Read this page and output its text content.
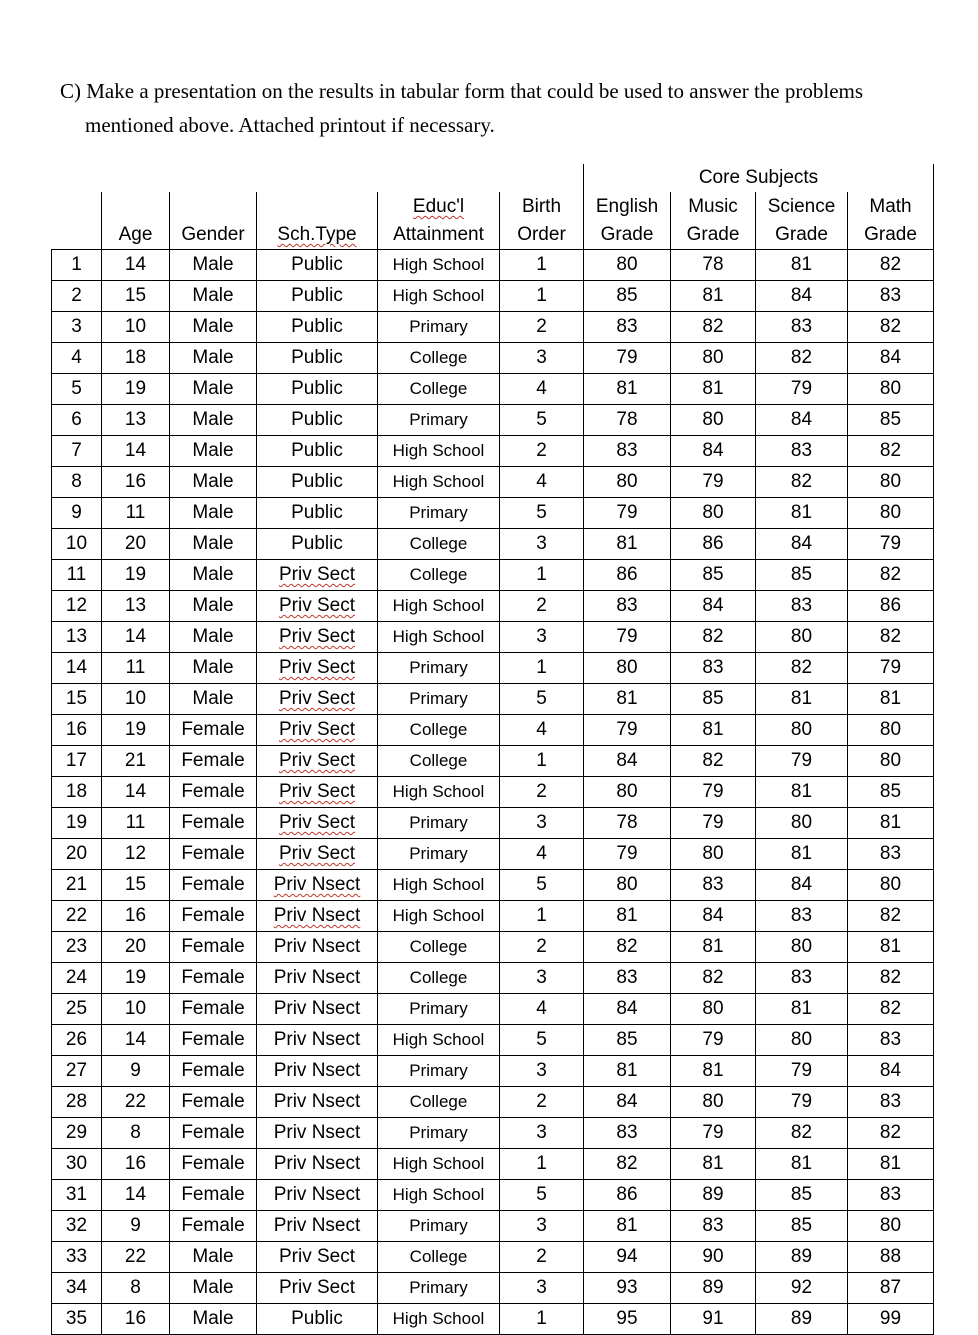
C) Make a presentation on the results in tabular form that could be used to answer the problems
mentioned above. Attached printout if necessary.
						Core Subjects			
				Educ'l	Birth	English	Music	Science	Math
	Age	Gender	Sch.Type	Attainment	Order	Grade	Grade	Grade	Grade
1	14	Male	Public	High School	1	80	78	81	82
2	15	Male	Public	High School	1	85	81	84	83
3	10	Male	Public	Primary	2	83	82	83	82
4	18	Male	Public	College	3	79	80	82	84
5	19	Male	Public	College	4	81	81	79	80
6	13	Male	Public	Primary	5	78	80	84	85
7	14	Male	Public	High School	2	83	84	83	82
8	16	Male	Public	High School	4	80	79	82	80
9	11	Male	Public	Primary	5	79	80	81	80
10	20	Male	Public	College	3	81	86	84	79
11	19	Male	Priv Sect	College	1	86	85	85	82
12	13	Male	Priv Sect	High School	2	83	84	83	86
13	14	Male	Priv Sect	High School	3	79	82	80	82
14	11	Male	Priv Sect	Primary	1	80	83	82	79
15	10	Male	Priv Sect	Primary	5	81	85	81	81
16	19	Female	Priv Sect	College	4	79	81	80	80
17	21	Female	Priv Sect	College	1	84	82	79	80
18	14	Female	Priv Sect	High School	2	80	79	81	85
19	11	Female	Priv Sect	Primary	3	78	79	80	81
20	12	Female	Priv Sect	Primary	4	79	80	81	83
21	15	Female	Priv Nsect	High School	5	80	83	84	80
22	16	Female	Priv Nsect	High School	1	81	84	83	82
23	20	Female	Priv Nsect	College	2	82	81	80	81
24	19	Female	Priv Nsect	College	3	83	82	83	82
25	10	Female	Priv Nsect	Primary	4	84	80	81	82
26	14	Female	Priv Nsect	High School	5	85	79	80	83
27	9	Female	Priv Nsect	Primary	3	81	81	79	84
28	22	Female	Priv Nsect	College	2	84	80	79	83
29	8	Female	Priv Nsect	Primary	3	83	79	82	82
30	16	Female	Priv Nsect	High School	1	82	81	81	81
31	14	Female	Priv Nsect	High School	5	86	89	85	83
32	9	Female	Priv Nsect	Primary	3	81	83	85	80
33	22	Male	Priv Sect	College	2	94	90	89	88
34	8	Male	Priv Sect	Primary	3	93	89	92	87
35	16	Male	Public	High School	1	95	91	89	99
